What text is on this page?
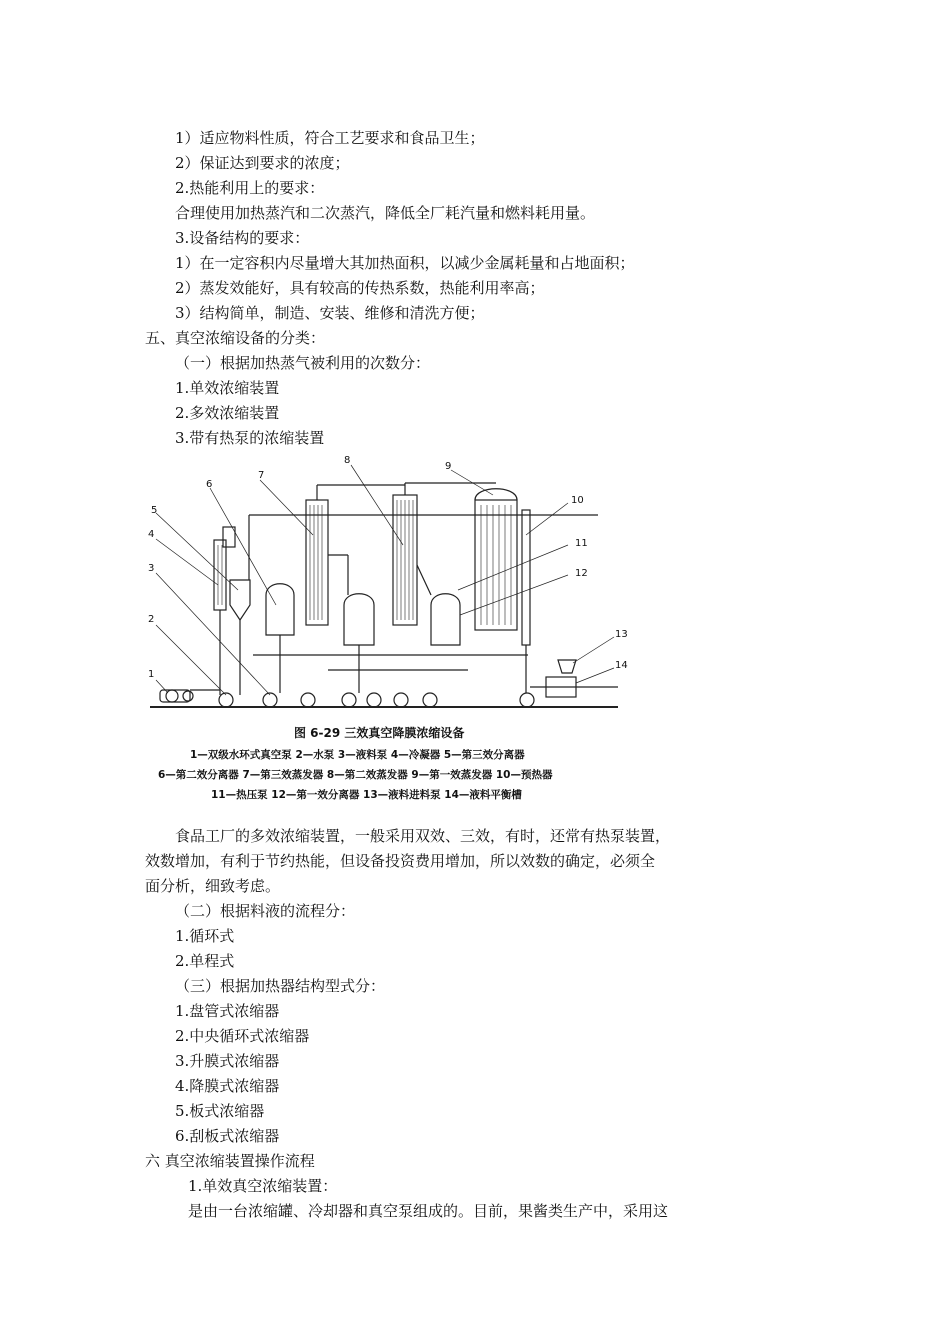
1）适应物料性质，符合工艺要求和食品卫生；
2）保证达到要求的浓度；
2.热能利用上的要求：
合理使用加热蒸汽和二次蒸汽，降低全厂耗汽量和燃料耗用量。
3.设备结构的要求：
1）在一定容积内尽量增大其加热面积，以减少金属耗量和占地面积；
2）蒸发效能好，具有较高的传热系数，热能利用率高；
3）结构简单，制造、安装、维修和清洗方便；
五、真空浓缩设备的分类：
（一）根据加热蒸气被利用的次数分：
1.单效浓缩装置
2.多效浓缩装置
3.带有热泵的浓缩装置
1
2
3
4
5
6
7
8
9
10
11
12
13
14
图 6-29 三效真空降膜浓缩设备
1—双级水环式真空泵 2—水泵 3—液料泵 4—冷凝器 5—第三效分离器
6—第二效分离器 7—第三效蒸发器 8—第二效蒸发器 9—第一效蒸发器 10—预热器
11—热压泵 12—第一效分离器 13—液料进料泵 14—液料平衡槽
食品工厂的多效浓缩装置，一般采用双效、三效，有时，还常有热泵装置，
效数增加，有利于节约热能，但设备投资费用增加，所以效数的确定，必须全
面分析，细致考虑。
（二）根据料液的流程分：
1.循环式
2.单程式
（三）根据加热器结构型式分：
1.盘管式浓缩器
2.中央循环式浓缩器
3.升膜式浓缩器
4.降膜式浓缩器
5.板式浓缩器
6.刮板式浓缩器
六 真空浓缩装置操作流程
1.单效真空浓缩装置：
是由一台浓缩罐、冷却器和真空泵组成的。目前，果酱类生产中，采用这
